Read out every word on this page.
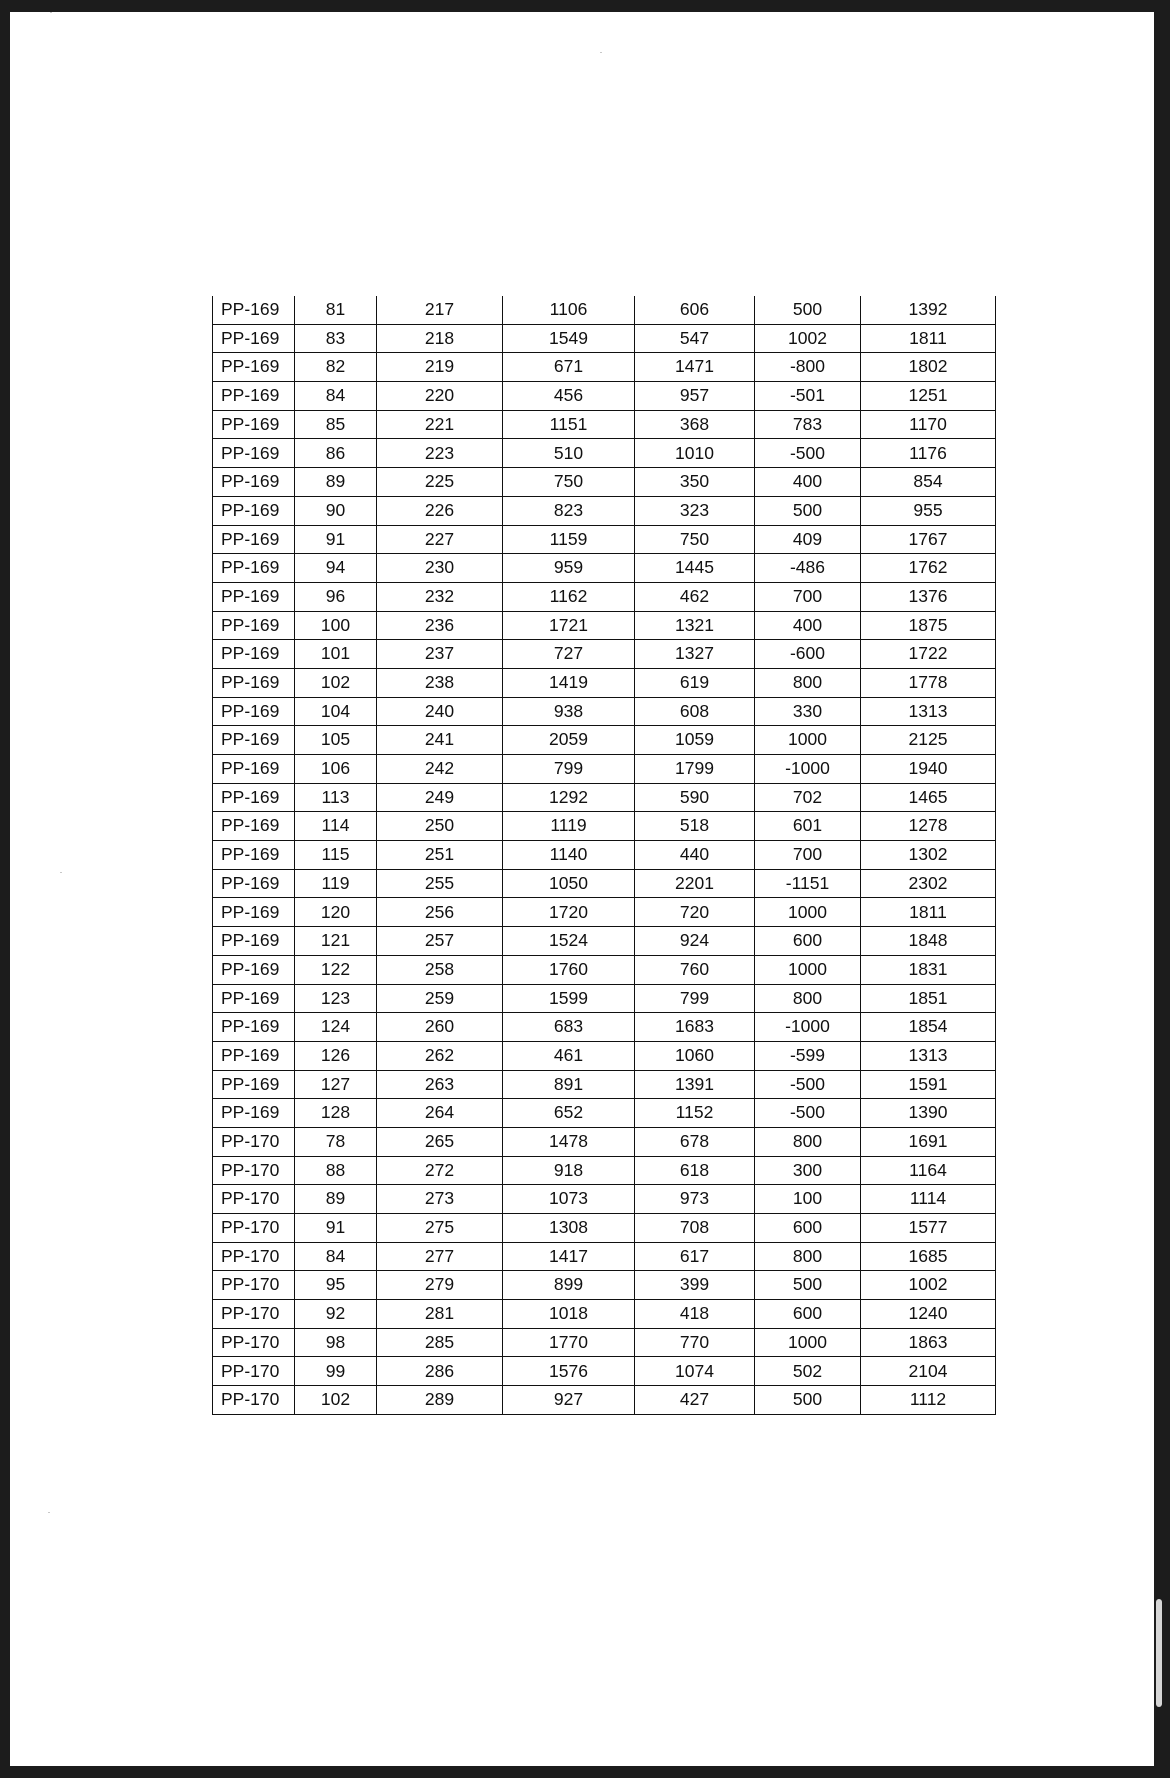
PP-169	81	217	1106	606	500	1392
PP-169	83	218	1549	547	1002	1811
PP-169	82	219	671	1471	-800	1802
PP-169	84	220	456	957	-501	1251
PP-169	85	221	1151	368	783	1170
PP-169	86	223	510	1010	-500	1176
PP-169	89	225	750	350	400	854
PP-169	90	226	823	323	500	955
PP-169	91	227	1159	750	409	1767
PP-169	94	230	959	1445	-486	1762
PP-169	96	232	1162	462	700	1376
PP-169	100	236	1721	1321	400	1875
PP-169	101	237	727	1327	-600	1722
PP-169	102	238	1419	619	800	1778
PP-169	104	240	938	608	330	1313
PP-169	105	241	2059	1059	1000	2125
PP-169	106	242	799	1799	-1000	1940
PP-169	113	249	1292	590	702	1465
PP-169	114	250	1119	518	601	1278
PP-169	115	251	1140	440	700	1302
PP-169	119	255	1050	2201	-1151	2302
PP-169	120	256	1720	720	1000	1811
PP-169	121	257	1524	924	600	1848
PP-169	122	258	1760	760	1000	1831
PP-169	123	259	1599	799	800	1851
PP-169	124	260	683	1683	-1000	1854
PP-169	126	262	461	1060	-599	1313
PP-169	127	263	891	1391	-500	1591
PP-169	128	264	652	1152	-500	1390
PP-170	78	265	1478	678	800	1691
PP-170	88	272	918	618	300	1164
PP-170	89	273	1073	973	100	1114
PP-170	91	275	1308	708	600	1577
PP-170	84	277	1417	617	800	1685
PP-170	95	279	899	399	500	1002
PP-170	92	281	1018	418	600	1240
PP-170	98	285	1770	770	1000	1863
PP-170	99	286	1576	1074	502	2104
PP-170	102	289	927	427	500	1112
